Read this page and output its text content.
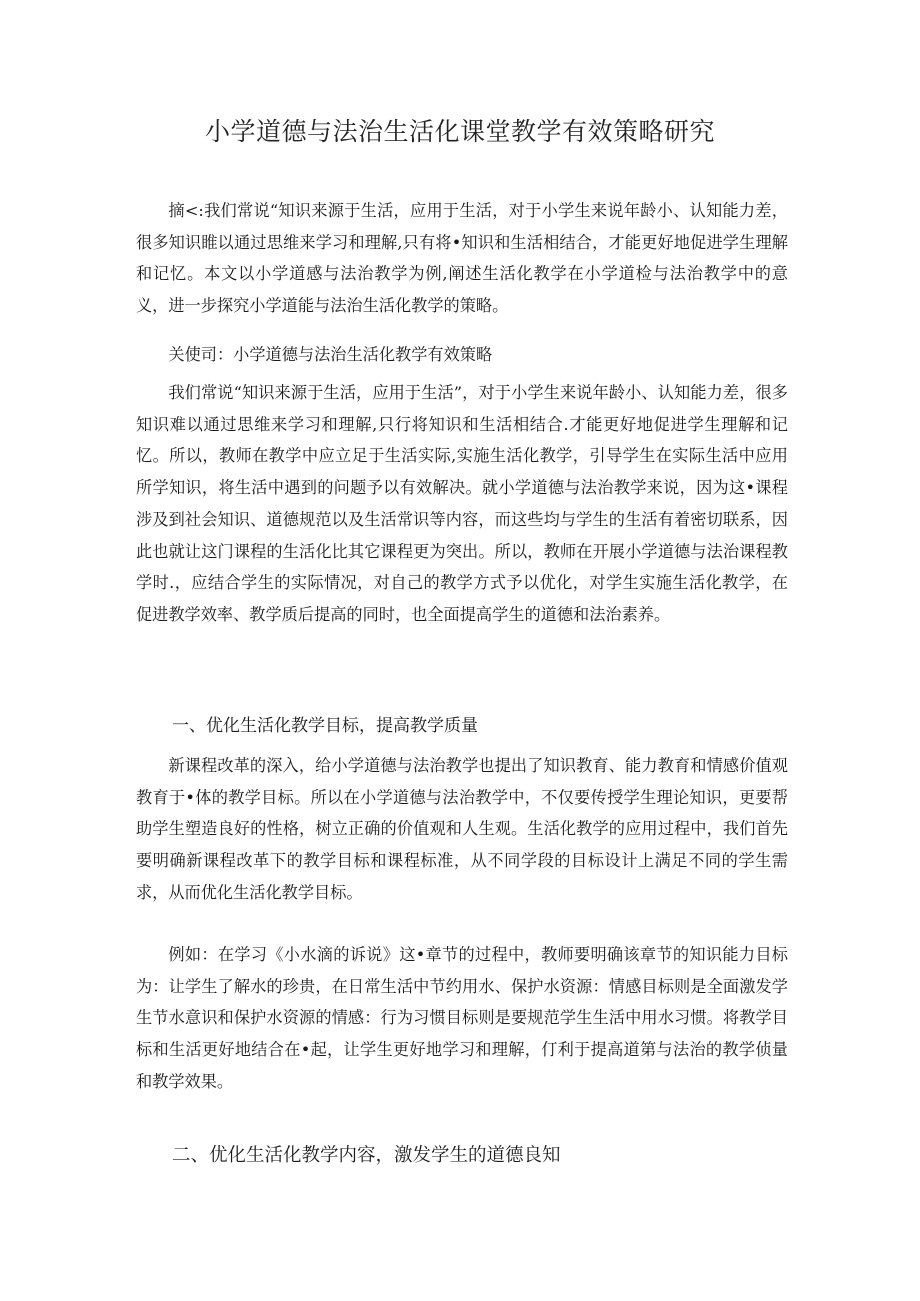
小学道德与法治生活化课堂教学有效策略研究

摘<:我们常说“知识来源于生活，应用于生活，对于小学生来说年龄小、认知能力差，很多知识睢以通过思维来学习和理解,只有将•知识和生活相结合，才能更好地促进学生理解和记忆。本文以小学道感与法治教学为例,阐述生活化教学在小学道检与法治教学中的意义，进一步探究小学道能与法治生活化教学的策略。

关使司：小学道德与法治生活化教学有效策略

我们常说“知识来源于生活，应用于生活”，对于小学生来说年龄小、认知能力差，很多知识难以通过思维来学习和理解,只行将知识和生活相结合.才能更好地促进学生理解和记忆。所以，教师在教学中应立足于生活实际,实施生活化教学，引导学生在实际生活中应用所学知识，将生活中遇到的问题予以有效解决。就小学道德与法治教学来说，因为这•课程涉及到社会知识、道德规范以及生活常识等内容，而这些均与学生的生活有着密切联系，因此也就让这门课程的生活化比其它课程更为突出。所以，教师在开展小学道德与法治课程教学时.，应结合学生的实际情况，对自己的教学方式予以优化，对学生实施生活化教学，在促进教学效率、教学质后提高的同时，也全面提高学生的道德和法治素养。

一、优化生活化教学目标，提高教学质量

新课程改革的深入，给小学道德与法治教学也提出了知识教育、能力教育和情感价值观教育于•体的教学目标。所以在小学道德与法治教学中，不仅要传授学生理论知识，更要帮助学生塑造良好的性格，树立正确的价值观和人生观。生活化教学的应用过程中，我们首先要明确新课程改革下的教学目标和课程标准，从不同学段的目标设计上满足不同的学生需求，从而优化生活化教学目标。

例如：在学习《小水滴的诉说》这•章节的过程中，教师要明确该章节的知识能力目标为：让学生了解水的珍贵，在日常生活中节约用水、保护水资源：情感目标则是全面激发学生节水意识和保护水资源的情感：行为习惯目标则是要规范学生生活中用水习惯。将教学目标和生活更好地结合在•起，让学生更好地学习和理解，仃利于提高道第与法治的教学侦量和教学效果。

二、优化生活化教学内容，激发学生的道德良知
